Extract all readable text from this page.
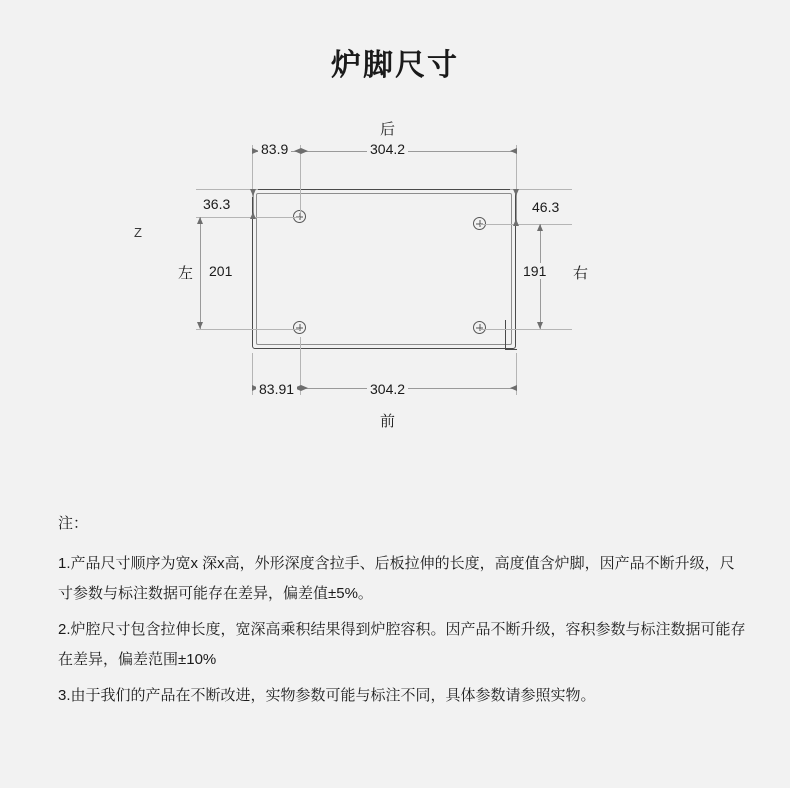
炉脚尺寸
83.9	304.2
后
36.3	46.3
201
左
Z
191 右
83.91	304.2
前
注：
1.产品尺寸顺序为宽x 深x高，外形深度含拉手、后板拉伸的长度，高度值含炉脚，因产品不断升级，尺寸参数与标注数据可能存在差异，偏差值±5%。
2.炉腔尺寸包含拉伸长度，宽深高乘积结果得到炉腔容积。因产品不断升级，容积参数与标注数据可能存在差异，偏差范围±10%
3.由于我们的产品在不断改进，实物参数可能与标注不同，具体参数请参照实物。
